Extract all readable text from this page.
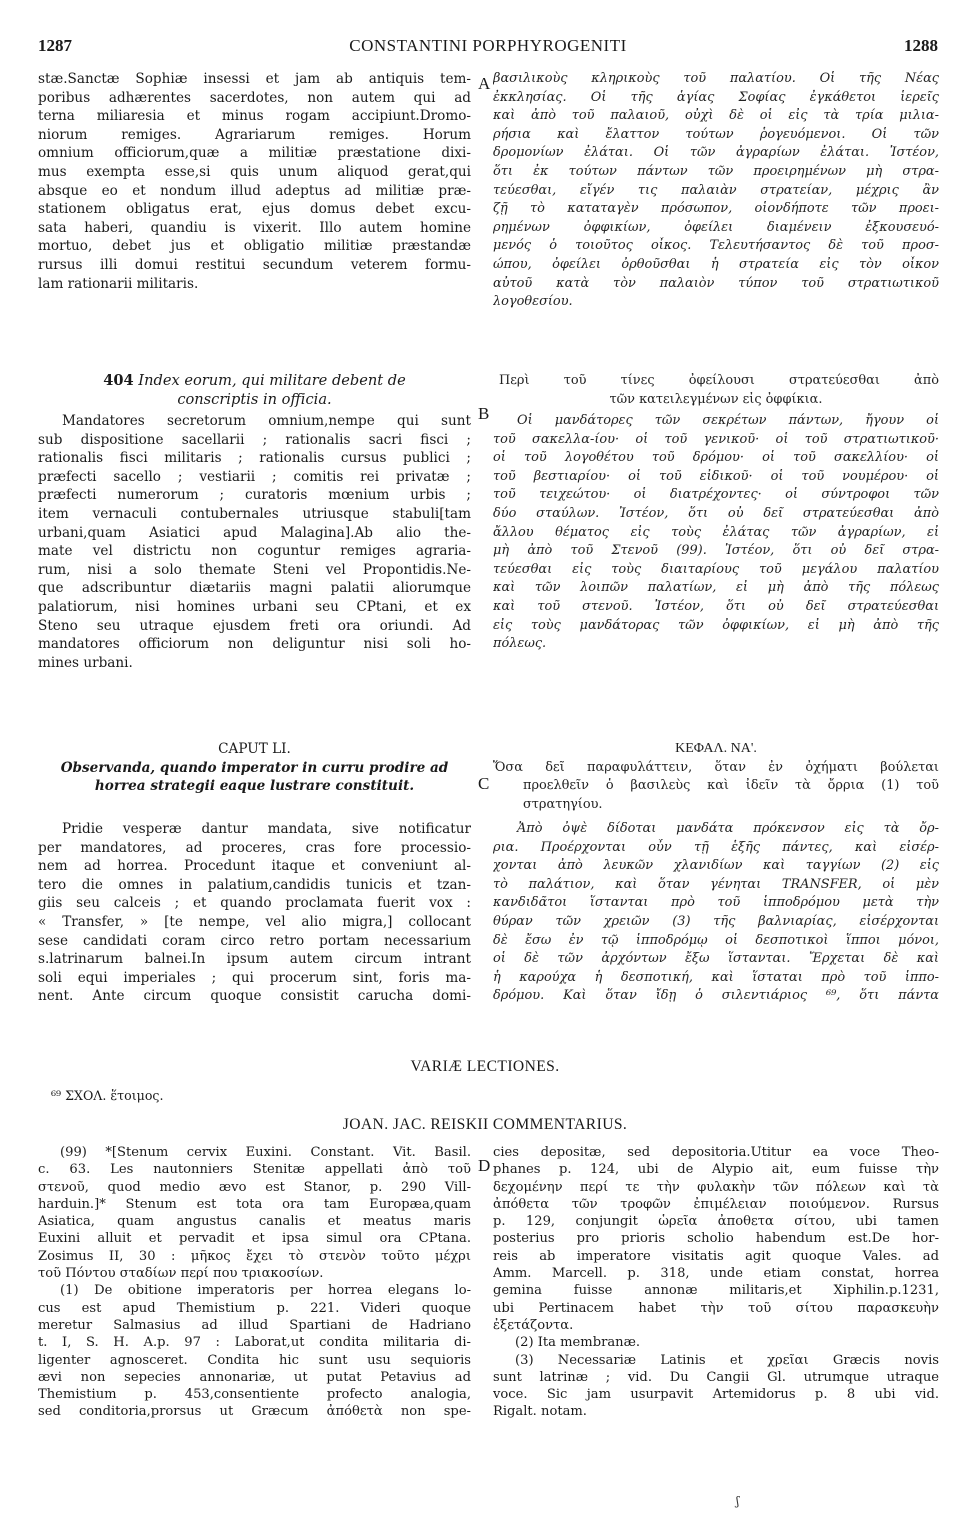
1287	CONSTANTINI PORPHYROGENITI	1288
A
B
C
D
stæ.Sanctæ Sophiæ insessi et jam ab antiquis tem-
poribus adhærentes sacerdotes, non autem qui ad
terna miliaresia et minus rogam accipiunt.Dromo-
niorum remiges. Agrariarum remiges. Horum
omnium officiorum,quæ a militiæ præstatione dixi-
mus exempta esse,si quis unum aliquod gerat,qui
absque eo et nondum illud adeptus ad militiæ præ-
stationem obligatus erat, ejus domus debet excu-
sata haberi, quandiu is vixerit. Illo autem homine
mortuo, debet jus et obligatio militiæ præstandæ
rursus illi domui restitui secundum veterem formu-
lam rationarii militaris.
404 Index eorum, qui militare debent de
conscriptis in officia.
Mandatores secretorum omnium,nempe qui sunt
sub dispositione sacellarii ; rationalis sacri fisci ;
rationalis fisci militaris ; rationalis cursus publici ;
præfecti sacello ; vestiarii ; comitis rei privatæ ;
præfecti numerorum ; curatoris mœnium urbis ;
item vernaculi contubernales utriusque stabuli[tam
urbani,quam Asiatici apud Malagina].Ab alio the-
mate vel districtu non coguntur remiges agraria-
rum, nisi a solo themate Steni vel Propontidis.Ne-
que adscribuntur diætariis magni palatii aliorumque
palatiorum, nisi homines urbani seu CPtani, et ex
Steno seu utraque ejusdem freti ora oriundi. Ad
mandatores officiorum non deliguntur nisi soli ho-
mines urbani.
CAPUT LI.
Observanda, quando imperator in curru prodire ad
horrea strategii eaque lustrare constituit.
Pridie vesperæ dantur mandata, sive notificatur
per mandatores, ad proceres, cras fore processio-
nem ad horrea. Procedunt itaque et conveniunt al-
tero die omnes in palatium,candidis tunicis et tzan-
giis seu calceis ; et quando proclamata fuerit vox :
« Transfer, » [te nempe, vel alio migra,] collocant
sese candidati coram circo retro portam necessarium
s.latrinarum balnei.In ipsum autem circum intrant
soli equi imperiales ; qui procerum sint, foris ma-
nent. Ante circum quoque consistit carucha domi-
βασιλικοὺς κληρικοὺς τοῦ παλατίου. Οἱ τῆς Νέας
ἐκκλησίας. Οἱ τῆς ἁγίας Σοφίας ἐγκάθετοι ἱερεῖς
καὶ ἀπὸ τοῦ παλαιοῦ, οὐχὶ δὲ οἱ εἰς τὰ τρία μιλια-
ρήσια καὶ ἔλαττον τούτων ῥογευόμενοι. Οἱ τῶν
δρομονίων ἐλάται. Οἱ τῶν ἀγραρίων ἐλάται. Ἰστέον,
ὅτι ἐκ τούτων πάντων τῶν προειρημένων μὴ στρα-
τεύεσθαι, εἴγέν τις παλαιὰν στρατείαν, μέχρις ἂν
ζῇ τὸ καταταγὲν πρόσωπον, οἱονδήποτε τῶν προει-
ρημένων ὀφφικίων, ὀφείλει διαμένειν ἐξκουσευό-
μενός ὁ τοιοῦτος οἶκος. Τελευτήσαντος δὲ τοῦ προσ-
ώπου, ὀφείλει ὀρθοῦσθαι ἡ στρατεία εἰς τὸν οἶκον
αὐτοῦ κατὰ τὸν παλαιὸν τύπον τοῦ στρατιωτικοῦ
λογοθεσίου.
Περὶ τοῦ τίνες ὀφείλουσι στρατεύεσθαι ἀπὸ
τῶν κατειλεγμένων εἰς ὀφφίκια.
Οἱ μανδάτορες τῶν σεκρέτων πάντων, ἤγουν οἱ
τοῦ σακελλα-ίου· οἱ τοῦ γενικοῦ· οἱ τοῦ στρατιωτικοῦ·
οἱ τοῦ λογοθέτου τοῦ δρόμου· οἱ τοῦ σακελλίου· οἱ
τοῦ βεστιαρίου· οἱ τοῦ εἰδικοῦ· οἱ τοῦ νουμέρου· οἱ
τοῦ τειχεώτου· οἱ διατρέχοντες· οἱ σύντροφοι τῶν
δύο σταύλων. Ἰστέον, ὅτι οὐ δεῖ στρατεύεσθαι ἀπὸ
ἄλλου θέματος εἰς τοὺς ἐλάτας τῶν ἀγραρίων, εἰ
μὴ ἀπὸ τοῦ Στενοῦ (99). Ἰστέον, ὅτι οὐ δεῖ στρα-
τεύεσθαι εἰς τοὺς διαιταρίους τοῦ μεγάλου παλατίου
καὶ τῶν λοιπῶν παλατίων, εἰ μὴ ἀπὸ τῆς πόλεως
καὶ τοῦ στενοῦ. Ἰστέον, ὅτι οὐ δεῖ στρατεύεσθαι
εἰς τοὺς μανδάτορας τῶν ὀφφικίων, εἰ μὴ ἀπὸ τῆς
πόλεως.
ΚΕΦΑΛ. ΝΑ'.
Ὅσα δεῖ παραφυλάττειν, ὅταν ἐν ὀχήματι βούλεται
προελθεῖν ὁ βασιλεὺς καὶ ἰδεῖν τὰ ὄρρια (1) τοῦ
στρατηγίου.
Ἀπὸ ὀψὲ δίδοται μανδάτα πρόκενσον εἰς τὰ ὄρ-
ρια. Προέρχονται οὖν τῇ ἑξῆς πάντες, καὶ εἰσέρ-
χονται ἀπὸ λευκῶν χλανιδίων καὶ ταγγίων (2) εἰς
τὸ παλάτιον, καὶ ὅταν γένηται TRANSFER, οἱ μὲν
κανδιδᾶτοι ἵστανται πρὸ τοῦ ἱπποδρόμου μετὰ τὴν
θύραν τῶν χρειῶν (3) τῆς βαλνιαρίας, εἰσέρχονται
δὲ ἔσω ἐν τῷ ἱπποδρόμῳ οἱ δεσποτικοὶ ἵπποι μόνοι,
οἱ δὲ τῶν ἀρχόντων ἔξω ἵστανται. Ἔρχεται δὲ καὶ
ἡ καρούχα ἡ δεσποτική, καὶ ἵσταται πρὸ τοῦ ἱππο-
δρόμου. Καὶ ὅταν ἴδῃ ὁ σιλεντιάριος ⁶⁹, ὅτι πάντα
VARIÆ LECTIONES.
⁶⁹ ΣΧΟΛ. ἕτοιμος.
JOAN. JAC. REISKII COMMENTARIUS.
(99) *[Stenum cervix Euxini. Constant. Vit. Basil.
c. 63. Les nautonniers Stenitæ appellati ἀπὸ τοῦ
στενοῦ, quod medio ævo est Stanor, p. 290 Vill-
harduin.]* Stenum est tota ora tam Europæa,quam
Asiatica, quam angustus canalis et meatus maris
Euxini alluit et pervadit et ipsa simul ora CPtana.
Zosimus II, 30 : μῆκος ἔχει τὸ στενὸν τοῦτο μέχρι
τοῦ Πόντου σταδίων περί που τριακοσίων.
(1) De obitione imperatoris per horrea elegans lo-
cus est apud Themistium p. 221. Videri quoque
meretur Salmasius ad illud Spartiani de Hadriano
t. I, S. H. A.p. 97 : Laborat,ut condita militaria di-
ligenter agnosceret. Condita hic sunt usu sequioris
ævi non sepecies annonariæ, ut putat Petavius ad
Themistium p. 453,consentiente profecto analogia,
sed conditoria,prorsus ut Græcum ἀπόθετὰ non spe-
cies depositæ, sed depositoria.Utitur ea voce Theo-
phanes p. 124, ubi de Alypio ait, eum fuisse τὴν
δεχομένην περί τε τὴν φυλακὴν τῶν πόλεων καὶ τὰ
ἀπόθετα τῶν τροφῶν ἐπιμέλειαν ποιούμενον. Rursus
p. 129, conjungit ὡρεῖα ἀποθετα σίτου, ubi tamen
posterius pro prioris scholio habendum est.De hor-
reis ab imperatore visitatis agit quoque Vales. ad
Amm. Marcell. p. 318, unde etiam constat, horrea
gemina fuisse annonæ militaris,et Xiphilin.p.1231,
ubi Pertinacem habet τὴν τοῦ σίτου παρασκευὴν
ἐξετάζοντα.
(2) Ita membranæ.
(3) Necessariæ Latinis et χρεῖαι Græcis novis
sunt latrinæ ; vid. Du Cangii Gl. utrumque utraque
voce. Sic jam usurpavit Artemidorus p. 8 ubi vid.
Rigalt. notam.
ʃ
